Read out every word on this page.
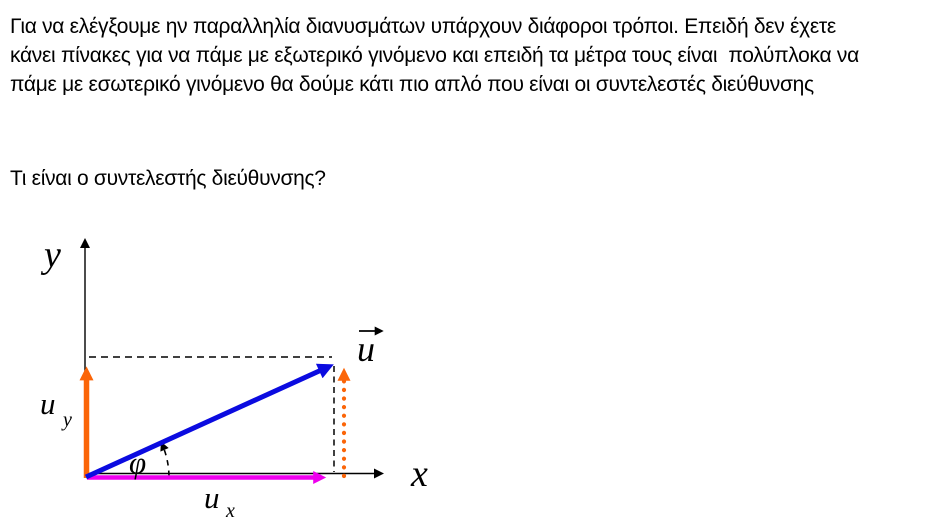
Για να ελέγξουμε ην παραλληλία διανυσμάτων υπάρχουν διάφοροι τρόποι. Επειδή δεν έχετε
κάνει πίνακες για να πάμε με εξωτερικό γινόμενο και επειδή τα μέτρα τους είναι  πολύπλοκα να
πάμε με εσωτερικό γινόμενο θα δούμε κάτι πιο απλό που είναι οι συντελεστές διεύθυνσης
Τι είναι ο συντελεστής διεύθυνσης?
y
x
φ
u
u y
u x
